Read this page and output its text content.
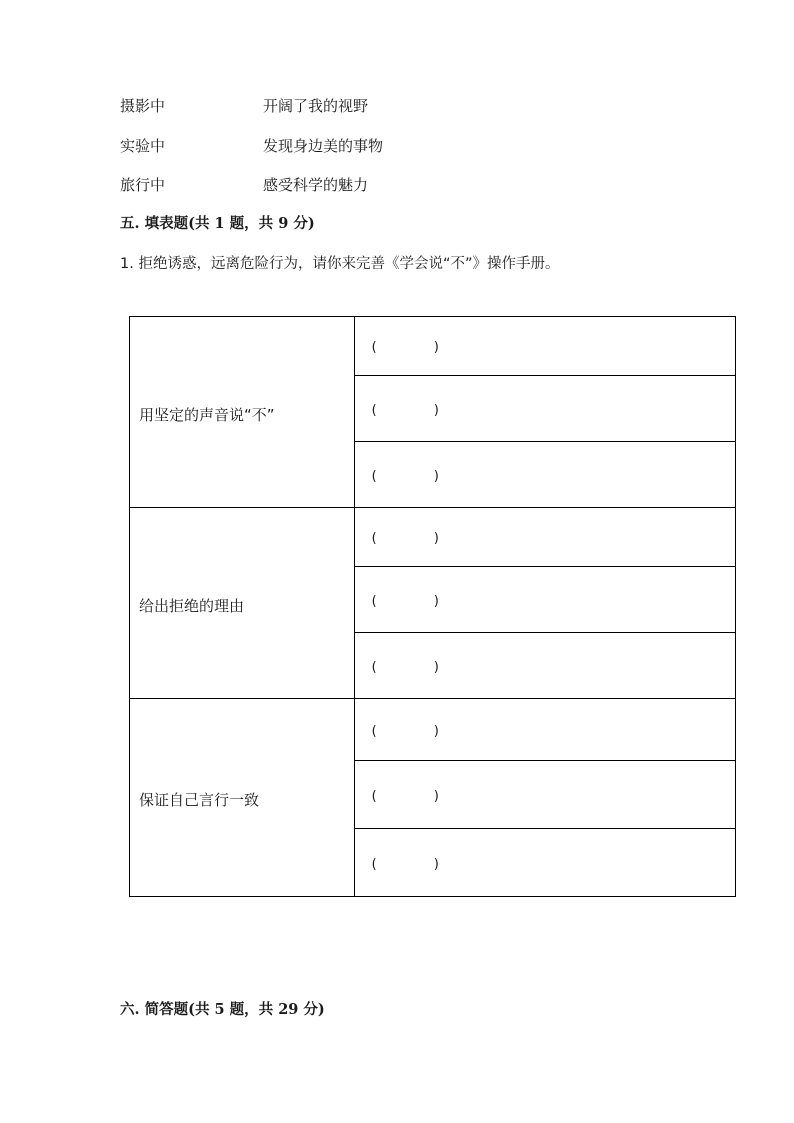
摄影中	开阔了我的视野
实验中	发现身边美的事物
旅行中	感受科学的魅力
五. 填表题(共 1 题，共 9 分)
1. 拒绝诱惑，远离危险行为，请你来完善《学会说“不”》操作手册。
用坚定的声音说“不”	(       )
	(       )
	(       )
给出拒绝的理由	(       )
	(       )
	(       )
保证自己言行一致	(       )
	(       )
	(       )
六. 简答题(共 5 题，共 29 分)
